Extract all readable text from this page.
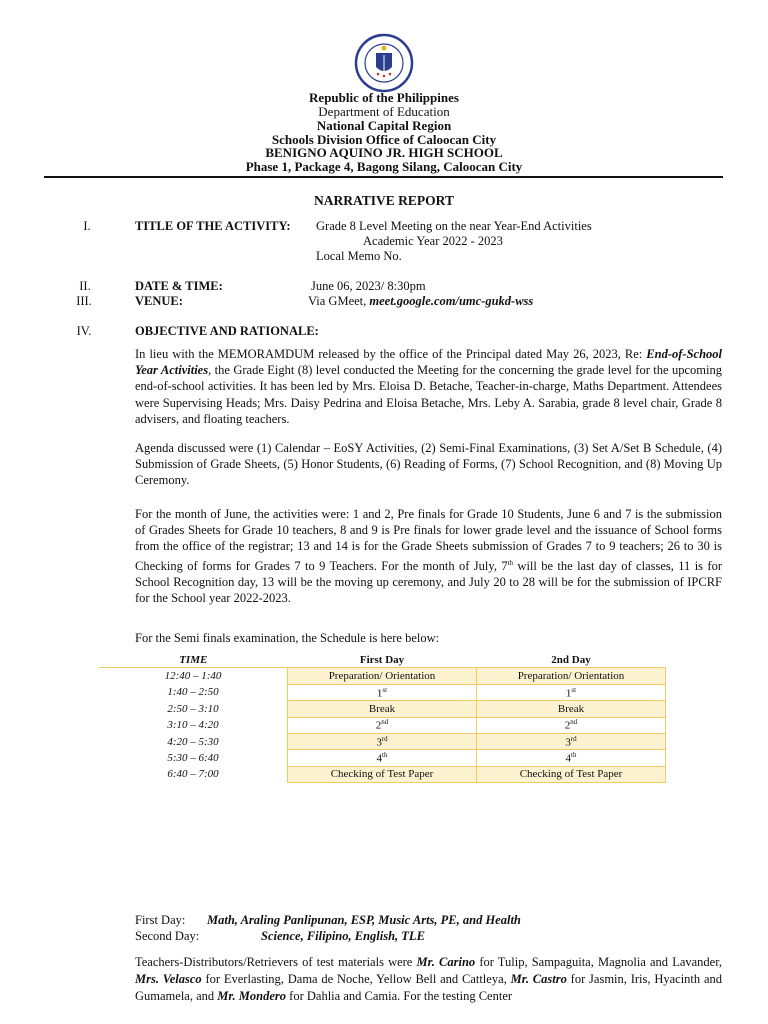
Republic of the Philippines
Department of Education
National Capital Region
Schools Division Office of Caloocan City
BENIGNO AQUINO JR. HIGH SCHOOL
Phase 1, Package 4, Bagong Silang, Caloocan City
NARRATIVE REPORT
I.	TITLE OF THE ACTIVITY: Grade 8 Level Meeting on the near Year-End Activities
Academic Year 2022 - 2023
Local Memo No.
II.	DATE & TIME:	June 06, 2023/ 8:30pm
III.	VENUE:	Via GMeet, meet.google.com/umc-gukd-wss
IV.	OBJECTIVE AND RATIONALE:
In lieu with the MEMORAMDUM released by the office of the Principal dated May 26, 2023, Re: End-of-School Year Activities, the Grade Eight (8) level conducted the Meeting for the concerning the grade level for the upcoming end-of-school activities. It has been led by Mrs. Eloisa D. Betache, Teacher-in-charge, Maths Department. Attendees were Supervising Heads; Mrs. Daisy Pedrina and Eloisa Betache, Mrs. Leby A. Sarabia, grade 8 level chair, Grade 8 advisers, and floating teachers.
Agenda discussed were (1) Calendar – EoSY Activities, (2) Semi-Final Examinations, (3) Set A/Set B Schedule, (4) Submission of Grade Sheets, (5) Honor Students, (6) Reading of Forms, (7) School Recognition, and (8) Moving Up Ceremony.
For the month of June, the activities were: 1 and 2, Pre finals for Grade 10 Students, June 6 and 7 is the submission of Grades Sheets for Grade 10 teachers, 8 and 9 is Pre finals for lower grade level and the issuance of School forms from the office of the registrar; 13 and 14 is for the Grade Sheets submission of Grades 7 to 9 teachers; 26 to 30 is Checking of forms for Grades 7 to 9 Teachers. For the month of July, 7th will be the last day of classes, 11 is for School Recognition day, 13 will be the moving up ceremony, and July 20 to 28 will be for the submission of IPCRF for the School year 2022-2023.
For the Semi finals examination, the Schedule is here below:
TIME	First Day	2nd Day
12:40 – 1:40	Preparation/ Orientation	Preparation/ Orientation
1:40 – 2:50	1st	1st
2:50 – 3:10	Break	Break
3:10 – 4:20	2nd	2nd
4:20 – 5:30	3rd	3rd
5:30 – 6:40	4th	4th
6:40 – 7:00	Checking of Test Paper	Checking of Test Paper
First Day: Math, Araling Panlipunan, ESP, Music Arts, PE, and Health
Second Day:	Science, Filipino, English, TLE
Teachers-Distributors/Retrievers of test materials were Mr. Carino for Tulip, Sampaguita, Magnolia and Lavander, Mrs. Velasco for Everlasting, Dama de Noche, Yellow Bell and Cattleya, Mr. Castro for Jasmin, Iris, Hyacinth and Gumamela, and Mr. Mondero for Dahlia and Camia. For the testing Center
